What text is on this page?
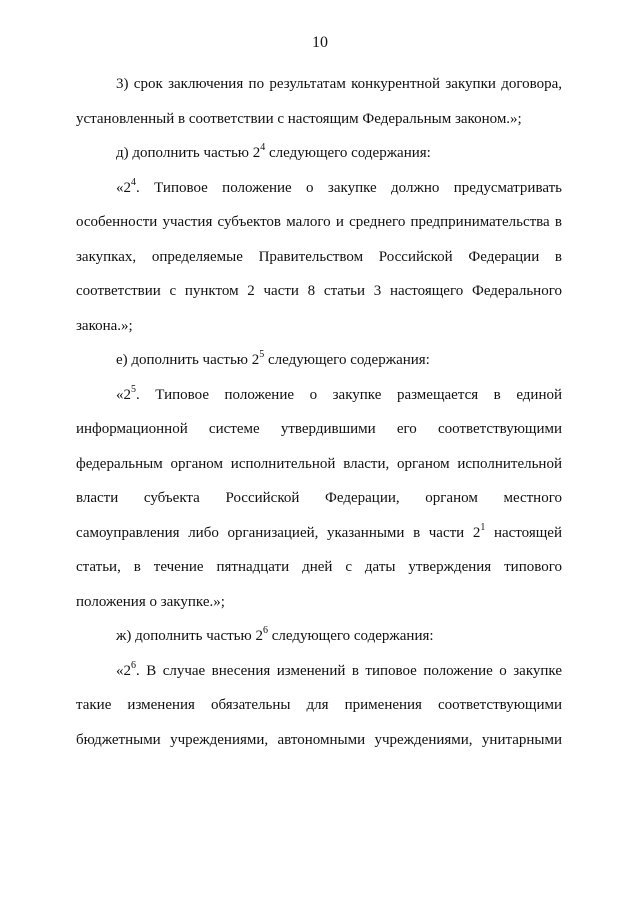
10
3) срок заключения по результатам конкурентной закупки договора,
установленный в соответствии с настоящим Федеральным законом.»;
д) дополнить частью $2^4$ следующего содержания:
«$2^4$. Типовое положение о закупке должно предусматривать
особенности участия субъектов малого и среднего предпринимательства в
закупках, определяемые Правительством Российской Федерации в
соответствии с пунктом 2 части 8 статьи 3 настоящего Федерального
закона.»;
е) дополнить частью $2^5$ следующего содержания:
«$2^5$. Типовое положение о закупке размещается в единой
информационной системе утвердившими его соответствующими
федеральным органом исполнительной власти, органом исполнительной
власти субъекта Российской Федерации, органом местного
самоуправления либо организацией, указанными в части $2^1$ настоящей
статьи, в течение пятнадцати дней с даты утверждения типового
положения о закупке.»;
ж) дополнить частью $2^6$ следующего содержания:
«$2^6$. В случае внесения изменений в типовое положение о закупке
такие изменения обязательны для применения соответствующими
бюджетными учреждениями, автономными учреждениями, унитарными
